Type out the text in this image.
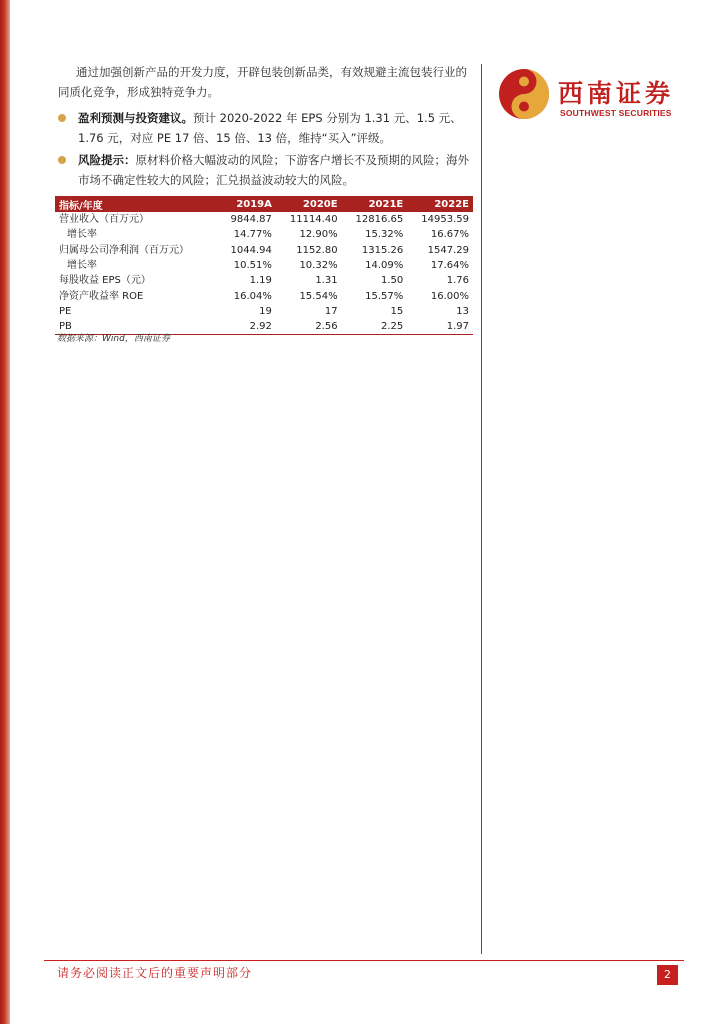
通过加强创新产品的开发力度，开辟包装创新品类，有效规避主流包装行业的同质化竞争，形成独特竞争力。
盈利预测与投资建议。预计 2020-2022 年 EPS 分别为 1.31 元、1.5 元、1.76 元，对应 PE 17 倍、15 倍、13 倍，维持“买入”评级。
风险提示：原材料价格大幅波动的风险；下游客户增长不及预期的风险；海外市场不确定性较大的风险；汇兑损益波动较大的风险。
西南证券
SOUTHWEST SECURITIES
指标/年度	2019A	2020E	2021E	2022E
营业收入（百万元）	9844.87	11114.40	12816.65	14953.59
增长率	14.77%	12.90%	15.32%	16.67%
归属母公司净利润（百万元）	1044.94	1152.80	1315.26	1547.29
增长率	10.51%	10.32%	14.09%	17.64%
每股收益 EPS（元）	1.19	1.31	1.50	1.76
净资产收益率 ROE	16.04%	15.54%	15.57%	16.00%
PE	19	17	15	13
PB	2.92	2.56	2.25	1.97
数据来源：Wind，西南证券
请务必阅读正文后的重要声明部分	2
